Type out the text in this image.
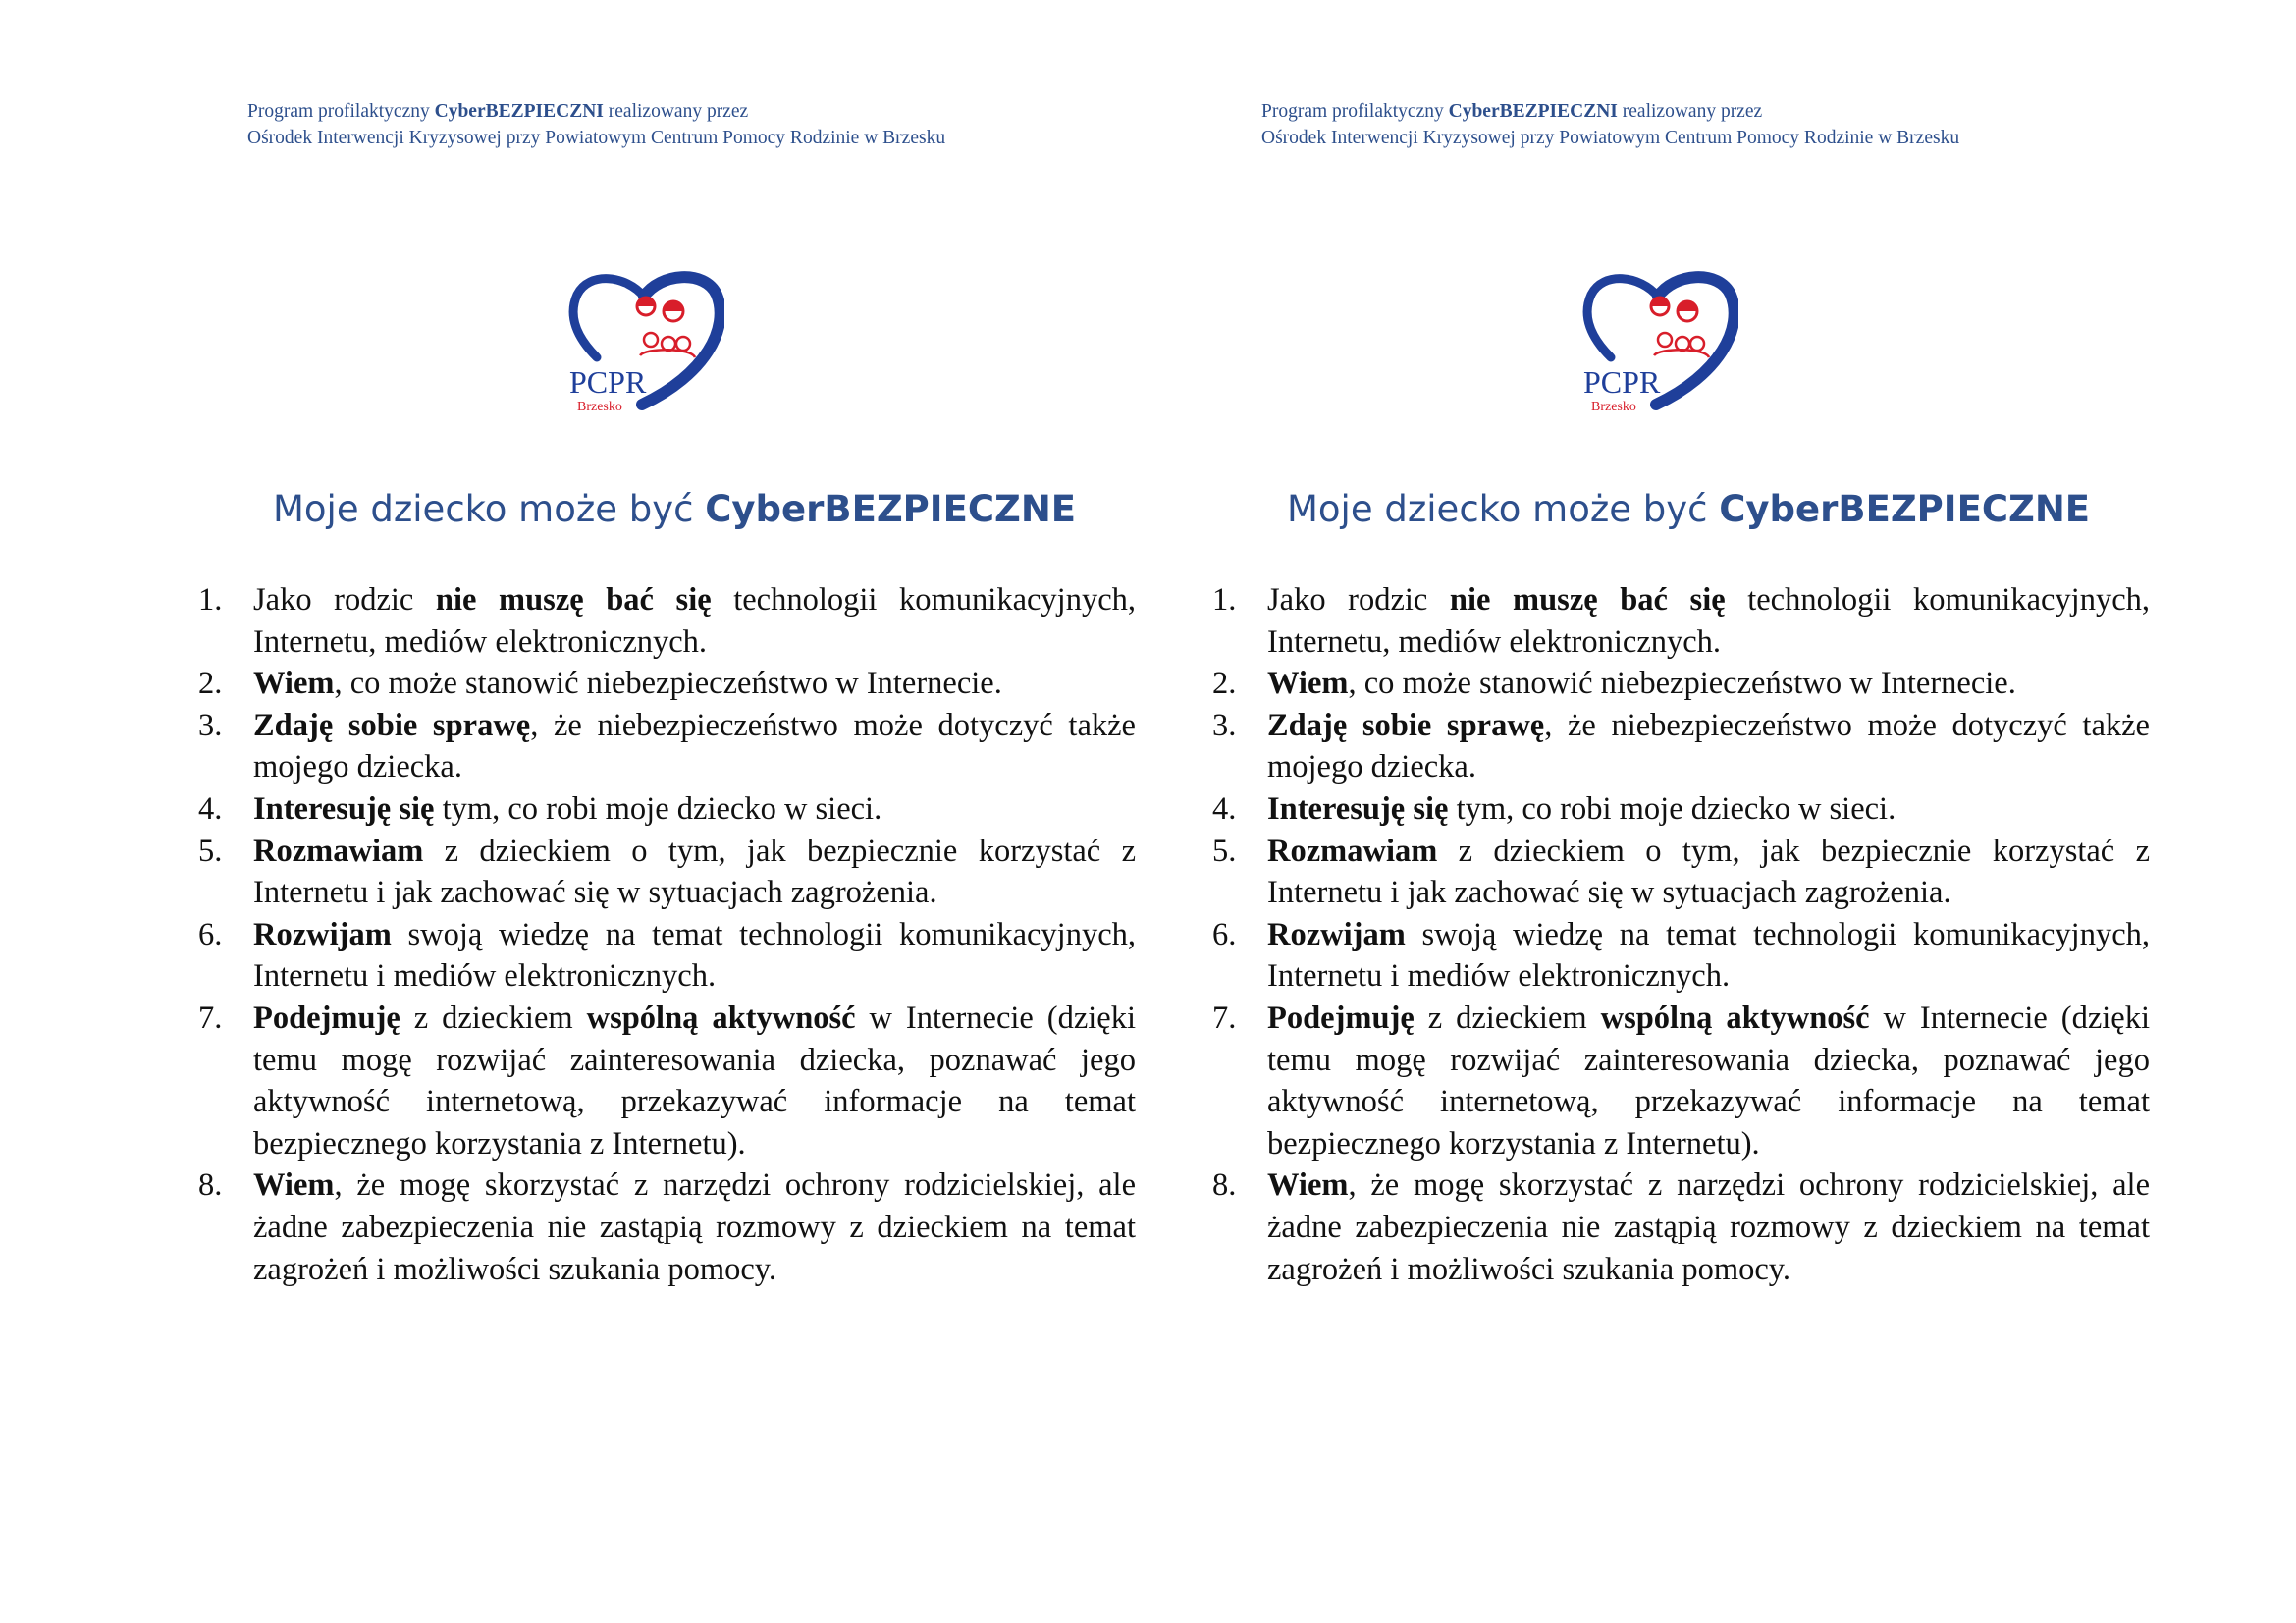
Program profilaktyczny CyberBEZPIECZNI realizowany przez
Ośrodek Interwencji Kryzysowej przy Powiatowym Centrum Pomocy Rodzinie w Brzesku
PCPR
Brzesko
Moje dziecko może być CyberBEZPIECZNE
1. Jako rodzic nie muszę bać się technologii komunikacyjnych, Internetu, mediów elektronicznych.
2. Wiem, co może stanowić niebezpieczeństwo w Internecie.
3. Zdaję sobie sprawę, że niebezpieczeństwo może dotyczyć także mojego dziecka.
4. Interesuję się tym, co robi moje dziecko w sieci.
5. Rozmawiam z dzieckiem o tym, jak bezpiecznie korzystać z Internetu i jak zachować się w sytuacjach zagrożenia.
6. Rozwijam swoją wiedzę na temat technologii komunikacyjnych, Internetu i mediów elektronicznych.
7. Podejmuję z dzieckiem wspólną aktywność w Internecie (dzięki temu mogę rozwijać zainteresowania dziecka, poznawać jego aktywność internetową, przekazywać informacje na temat bezpiecznego korzystania z Internetu).
8. Wiem, że mogę skorzystać z narzędzi ochrony rodzicielskiej, ale żadne zabezpieczenia nie zastąpią rozmowy z dzieckiem na temat zagrożeń i możliwości szukania pomocy.
Program profilaktyczny CyberBEZPIECZNI realizowany przez
Ośrodek Interwencji Kryzysowej przy Powiatowym Centrum Pomocy Rodzinie w Brzesku
PCPR
Brzesko
Moje dziecko może być CyberBEZPIECZNE
1. Jako rodzic nie muszę bać się technologii komunikacyjnych, Internetu, mediów elektronicznych.
2. Wiem, co może stanowić niebezpieczeństwo w Internecie.
3. Zdaję sobie sprawę, że niebezpieczeństwo może dotyczyć także mojego dziecka.
4. Interesuję się tym, co robi moje dziecko w sieci.
5. Rozmawiam z dzieckiem o tym, jak bezpiecznie korzystać z Internetu i jak zachować się w sytuacjach zagrożenia.
6. Rozwijam swoją wiedzę na temat technologii komunikacyjnych, Internetu i mediów elektronicznych.
7. Podejmuję z dzieckiem wspólną aktywność w Internecie (dzięki temu mogę rozwijać zainteresowania dziecka, poznawać jego aktywność internetową, przekazywać informacje na temat bezpiecznego korzystania z Internetu).
8. Wiem, że mogę skorzystać z narzędzi ochrony rodzicielskiej, ale żadne zabezpieczenia nie zastąpią rozmowy z dzieckiem na temat zagrożeń i możliwości szukania pomocy.
